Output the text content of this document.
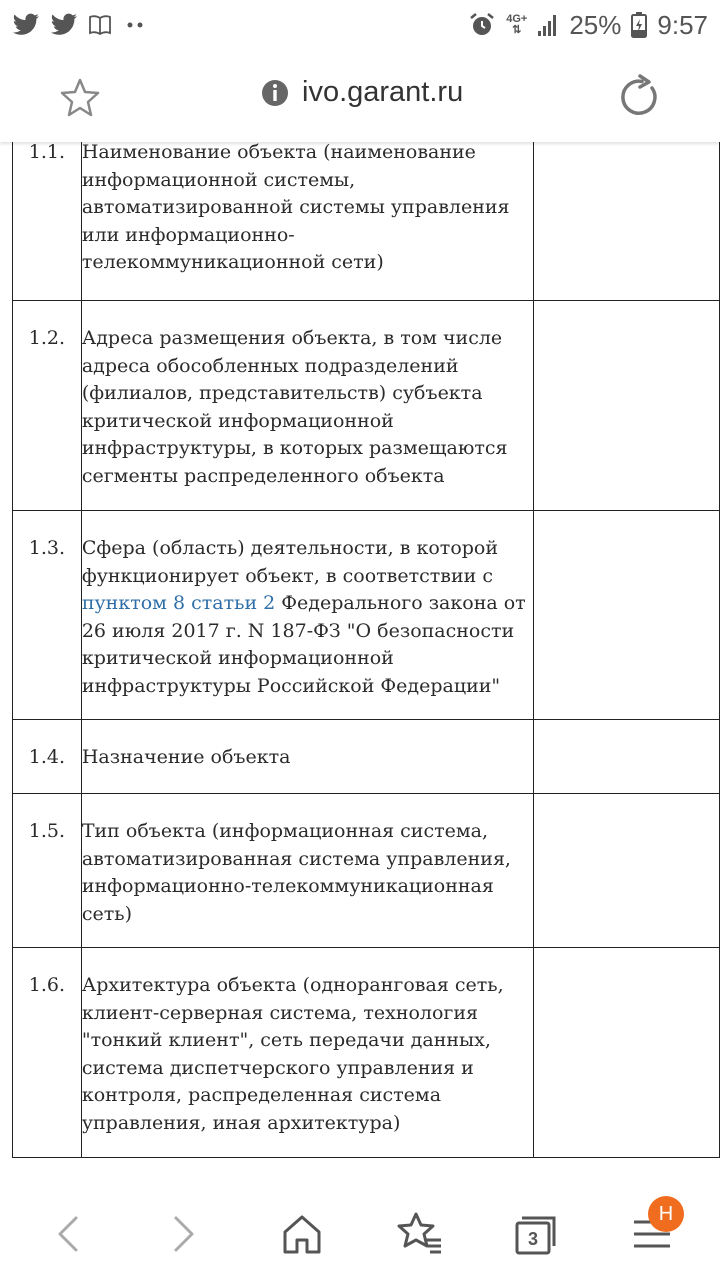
4G+
⇅ 25% 9:57
ivo.garant.ru
1.1.	Наименование объекта (наименование информационной системы, автоматизированной системы управления или информационно-телекоммуникационной сети)	

1.2.	Адреса размещения объекта, в том числе адреса обособленных подразделений (филиалов, представительств) субъекта критической информационной инфраструктуры, в которых размещаются сегменты распределенного объекта	

1.3.	Сфера (область) деятельности, в которой функционирует объект, в соответствии с пунктом 8 статьи 2 Федерального закона от 26 июля 2017 г. N 187-ФЗ "О безопасности критической информационной инфраструктуры Российской Федерации"	

1.4.	Назначение объекта	

1.5.	Тип объекта (информационная система, автоматизированная система управления, информационно-телекоммуникационная сеть)	

1.6.	Архитектура объекта (одноранговая сеть, клиент-серверная система, технология "тонкий клиент", сеть передачи данных, система диспетчерского управления и контроля, распределенная система управления, иная архитектура)	

3
Н
